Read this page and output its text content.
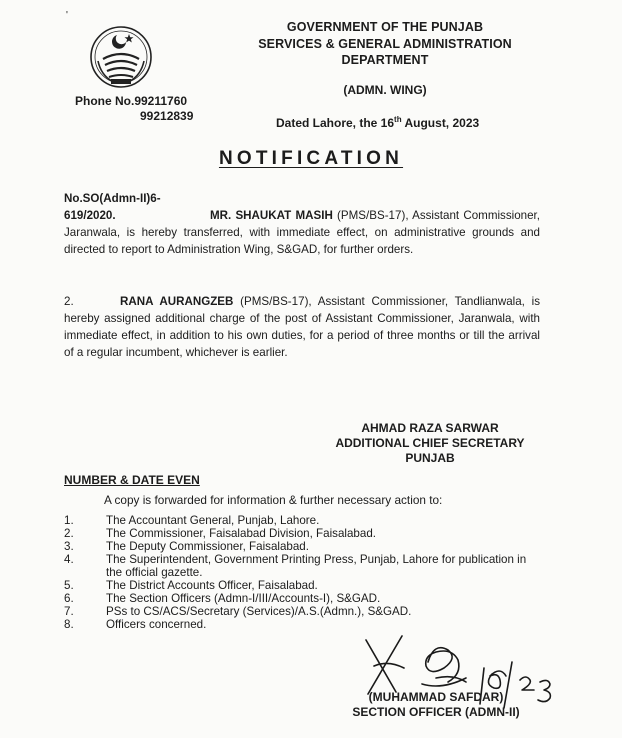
'
Phone No.99211760
99212839
GOVERNMENT OF THE PUNJAB
SERVICES & GENERAL ADMINISTRATION
DEPARTMENT
(ADMN. WING)
Dated Lahore, the 16th August, 2023
NOTIFICATION
No.SO(Admn-II)6-619/2020.	MR. SHAUKAT MASIH (PMS/BS-17), Assistant Commissioner, Jaranwala, is hereby transferred, with immediate effect, on administrative grounds and directed to report to Administration Wing, S&GAD, for further orders.
2.	RANA AURANGZEB (PMS/BS-17), Assistant Commissioner, Tandlianwala, is hereby assigned additional charge of the post of Assistant Commissioner, Jaranwala, with immediate effect, in addition to his own duties, for a period of three months or till the arrival of a regular incumbent, whichever is earlier.
AHMAD RAZA SARWAR
ADDITIONAL CHIEF SECRETARY
PUNJAB
NUMBER & DATE EVEN
A copy is forwarded for information & further necessary action to:
1.	The Accountant General, Punjab, Lahore.
2.	The Commissioner, Faisalabad Division, Faisalabad.
3.	The Deputy Commissioner, Faisalabad.
4.	The Superintendent, Government Printing Press, Punjab, Lahore for publication in the official gazette.
5.	The District Accounts Officer, Faisalabad.
6.	The Section Officers (Admn-I/III/Accounts-I), S&GAD.
7.	PSs to CS/ACS/Secretary (Services)/A.S.(Admn.), S&GAD.
8.	Officers concerned.
(MUHAMMAD SAFDAR)
SECTION OFFICER (ADMN-II)
